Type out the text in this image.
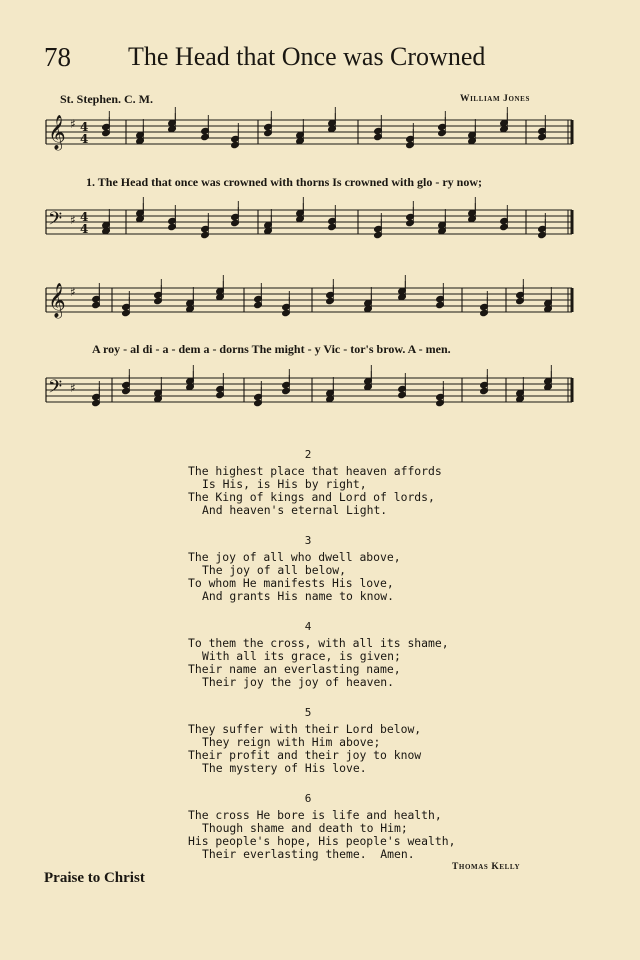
78 The Head that Once was Crowned
St. Stephen. C. M.	William Jones
𝄞 ♯ 4
4
𝄢 ♯ 4
4
𝄞 ♯
𝄢 ♯
1. The Head that once was crowned with thorns Is crowned with glo - ry now;
A roy - al di - a - dem a - dorns The might - y Vic - tor's brow. A - men.
2
The highest place that heaven affords
Is His, is His by right,
The King of kings and Lord of lords,
And heaven's eternal Light.
3
The joy of all who dwell above,
The joy of all below,
To whom He manifests His love,
And grants His name to know.
4
To them the cross, with all its shame,
With all its grace, is given;
Their name an everlasting name,
Their joy the joy of heaven.
5
They suffer with their Lord below,
They reign with Him above;
Their profit and their joy to know
The mystery of His love.
6
The cross He bore is life and health,
Though shame and death to Him;
His people's hope, His people's wealth,
Their everlasting theme.  Amen.
Thomas Kelly
Praise to Christ
